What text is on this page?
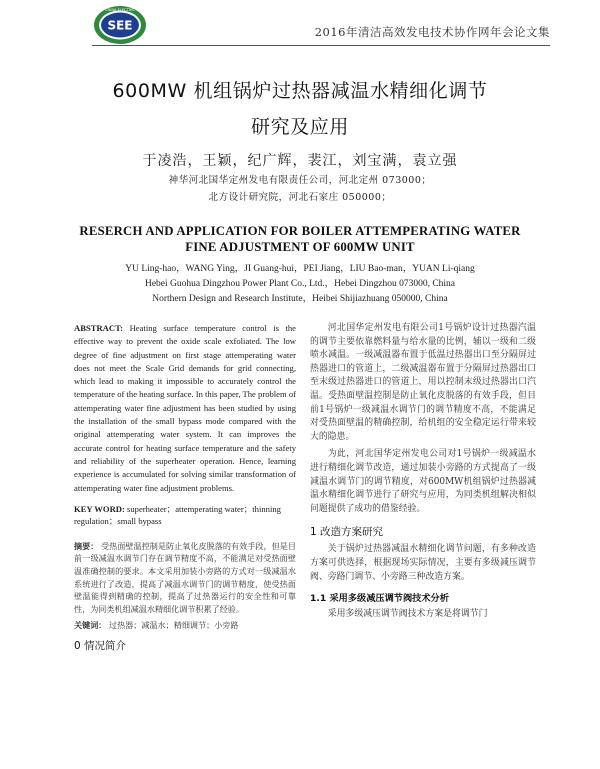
SEE
CHINA ELECTRIC
2016年清洁高效发电技术协作网年会论文集
600MW 机组锅炉过热器减温水精细化调节
研究及应用
于凌浩，王颖，纪广辉，裴江，刘宝满，袁立强
神华河北国华定州发电有限责任公司，河北定州 073000；
北方设计研究院，河北石家庄 050000；
RESERCH AND APPLICATION FOR BOILER ATTEMPERATING WATER
FINE ADJUSTMENT OF 600MW UNIT
YU Ling-hao，WANG Ying，JI Guang-hui，PEI Jiang，LIU Bao-man，YUAN Li-qiang
Hebei Guohua Dingzhou Power Plant Co., Ltd.，Hebei Dingzhou 073000, China
Northern Design and Research Institute，Heibei Shijiazhuang 050000, China
ABSTRACT: Heating surface temperature control is the effective way to prevent the oxide scale exfoliated. The low degree of fine adjustment on first stage attemperating water does not meet the Scale Grid demands for grid connecting, which lead to making it impossible to accurately control the temperature of the heating surface. In this paper, The problem of attemperating water fine adjustment has been studied by using the installation of the small bypass mode compared with the original attemperating water system. It can improves the accurate control for heating surface temperature and the safety and reliability of the superheater operation. Hence, learning experience is accumulated for solving similar transformation of attemperating water fine adjustment problems.
KEY WORD: superheater；attemperating water；thinning regulation；small bypass
摘要： 受热面壁温控制是防止氧化皮脱落的有效手段，但是目前一级减温水调节门存在调节精度不高，不能满足对受热面壁温准确控制的要求。本文采用加装小旁路的方式对一级减温水系统进行了改造，提高了减温水调节门的调节精度，使受热面壁温能得到精确的控制，提高了过热器运行的安全性和可靠性，为同类机组减温水精细化调节积累了经验。
关键词： 过热器；减温水；精细调节；小旁路
0 情况简介

河北国华定州发电有限公司1号锅炉设计过热器汽温的调节主要依靠燃料量与给水量的比例，辅以一级和二级喷水减温。一级减温器布置于低温过热器出口至分隔屏过热器进口的管道上，二级减温器布置于分隔屏过热器出口至末级过热器进口的管道上，用以控制末级过热器出口汽温。受热面壁温控制是防止氧化皮脱落的有效手段，但目前1号锅炉一级减温水调节门的调节精度不高，不能满足对受热面壁温的精确控制，给机组的安全稳定运行带来较大的隐患。

为此，河北国华定州发电公司对1号锅炉一级减温水进行精细化调节改造，通过加装小旁路的方式提高了一级减温水调节门的调节精度，对600MW机组锅炉过热器减温水精细化调节进行了研究与应用，为同类机组解决相似问题提供了成功的借鉴经验。

1 改造方案研究

关于锅炉过热器减温水精细化调节问题，有多种改造方案可供选择，根据现场实际情况，主要有多级减压调节阀、旁路门调节、小旁路三种改造方案。

1.1 采用多级减压调节阀技术分析

采用多级减压调节阀技术方案是将调节门
